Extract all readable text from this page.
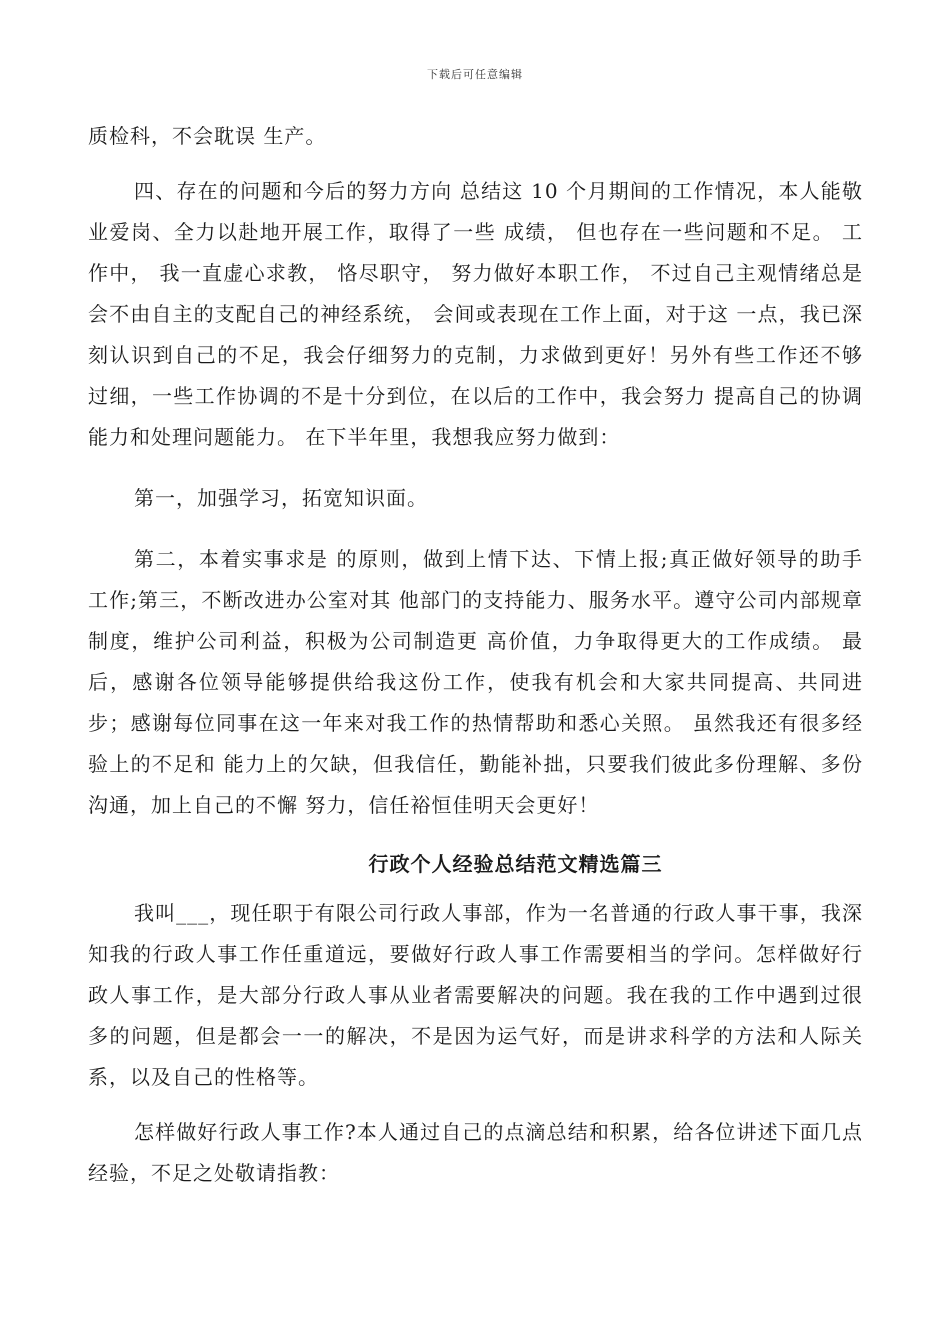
下载后可任意编辑

质检科，不会耽误 生产。

四、存在的问题和今后的努力方向 总结这 10 个月期间的工作情况，本人能敬业爱岗、全力以赴地开展工作，取得了一些 成绩， 但也存在一些问题和不足。 工作中， 我一直虚心求教， 恪尽职守， 努力做好本职工作， 不过自己主观情绪总是会不由自主的支配自己的神经系统， 会间或表现在工作上面，对于这 一点，我已深刻认识到自己的不足，我会仔细努力的克制，力求做到更好！另外有些工作还不够过细，一些工作协调的不是十分到位，在以后的工作中，我会努力 提高自己的协调能力和处理问题能力。 在下半年里，我想我应努力做到：

第一，加强学习，拓宽知识面。

第二，本着实事求是 的原则，做到上情下达、下情上报;真正做好领导的助手工作;第三，不断改进办公室对其 他部门的支持能力、服务水平。遵守公司内部规章制度，维护公司利益，积极为公司制造更 高价值，力争取得更大的工作成绩。 最后，感谢各位领导能够提供给我这份工作，使我有机会和大家共同提高、共同进步；感谢每位同事在这一年来对我工作的热情帮助和悉心关照。 虽然我还有很多经验上的不足和 能力上的欠缺，但我信任，勤能补拙，只要我们彼此多份理解、多份沟通，加上自己的不懈 努力，信任裕恒佳明天会更好！

行政个人经验总结范文精选篇三

我叫___，现任职于有限公司行政人事部，作为一名普通的行政人事干事，我深知我的行政人事工作任重道远，要做好行政人事工作需要相当的学问。怎样做好行政人事工作，是大部分行政人事从业者需要解决的问题。我在我的工作中遇到过很多的问题，但是都会一一的解决，不是因为运气好，而是讲求科学的方法和人际关系，以及自己的性格等。

怎样做好行政人事工作?本人通过自己的点滴总结和积累，给各位讲述下面几点经验，不足之处敬请指教：
